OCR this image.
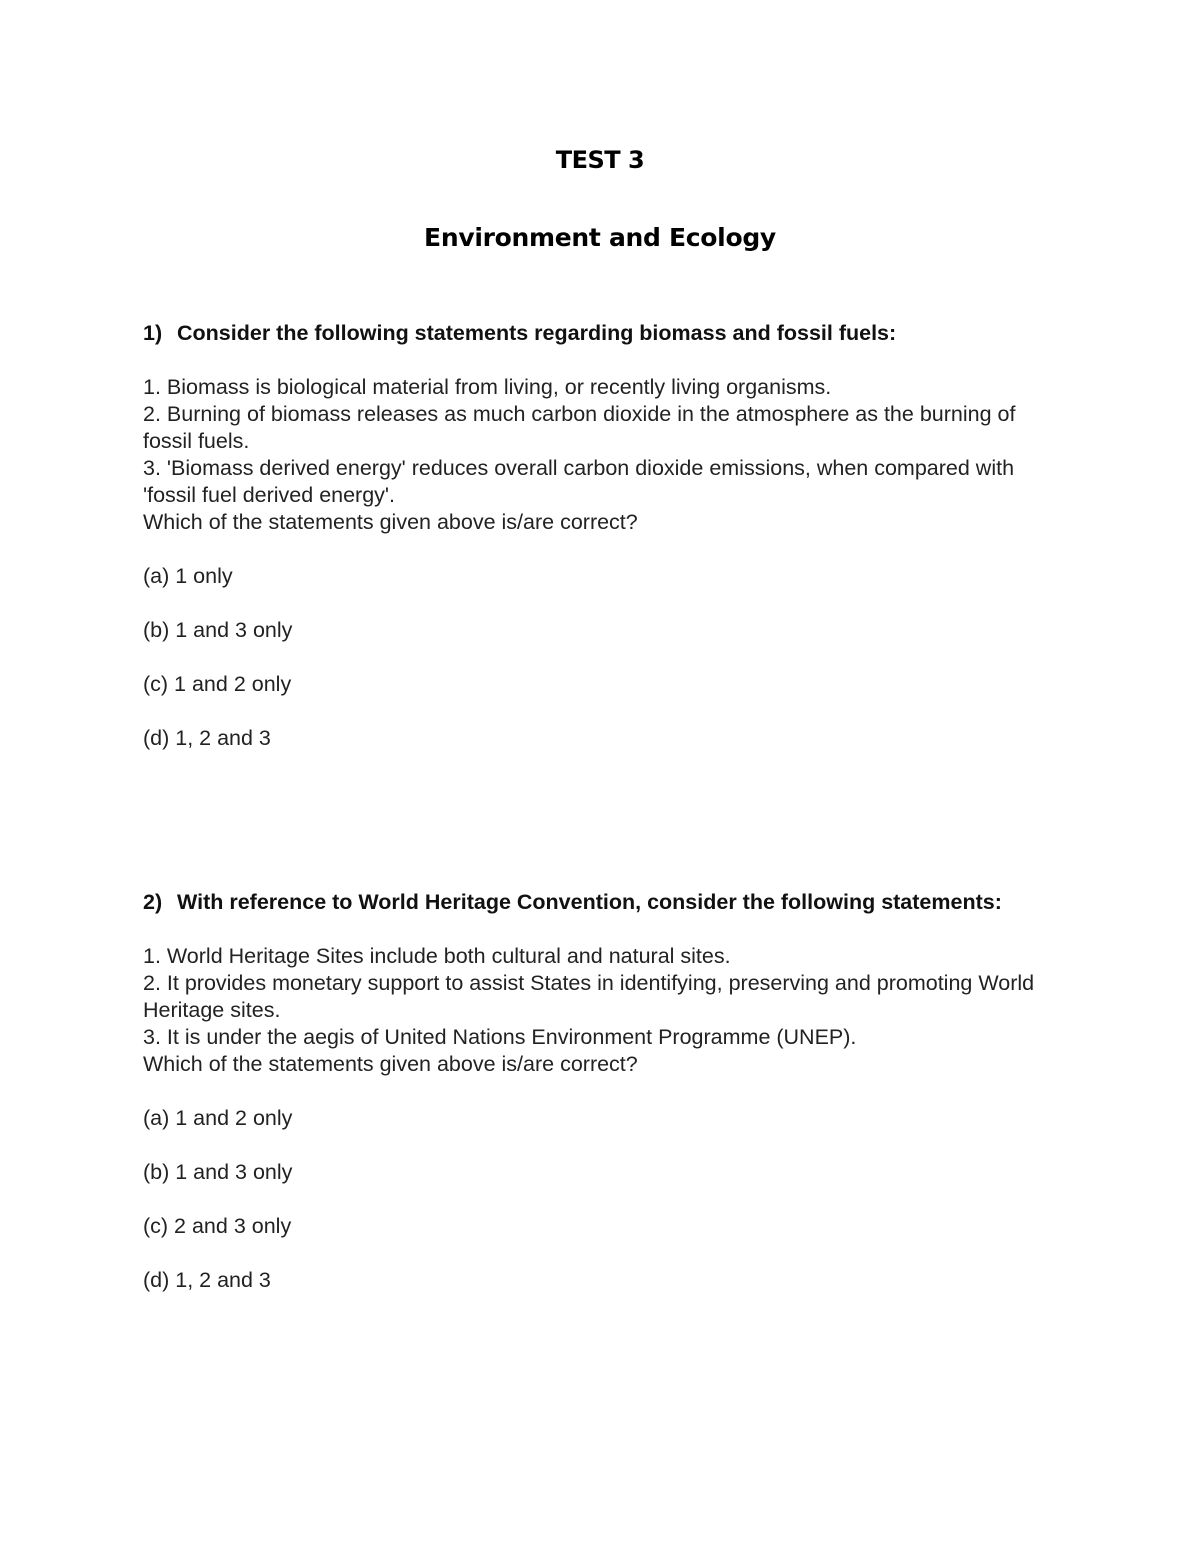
TEST 3
Environment and Ecology
1) Consider the following statements regarding biomass and fossil fuels:
1. Biomass is biological material from living, or recently living organisms.
2. Burning of biomass releases as much carbon dioxide in the atmosphere as the burning of fossil fuels.
3. 'Biomass derived energy' reduces overall carbon dioxide emissions, when compared with 'fossil fuel derived energy'.
Which of the statements given above is/are correct?
(a) 1 only
(b) 1 and 3 only
(c) 1 and 2 only
(d) 1, 2 and 3
2) With reference to World Heritage Convention, consider the following statements:
1. World Heritage Sites include both cultural and natural sites.
2. It provides monetary support to assist States in identifying, preserving and promoting World Heritage sites.
3. It is under the aegis of United Nations Environment Programme (UNEP).
Which of the statements given above is/are correct?
(a) 1 and 2 only
(b) 1 and 3 only
(c) 2 and 3 only
(d) 1, 2 and 3
